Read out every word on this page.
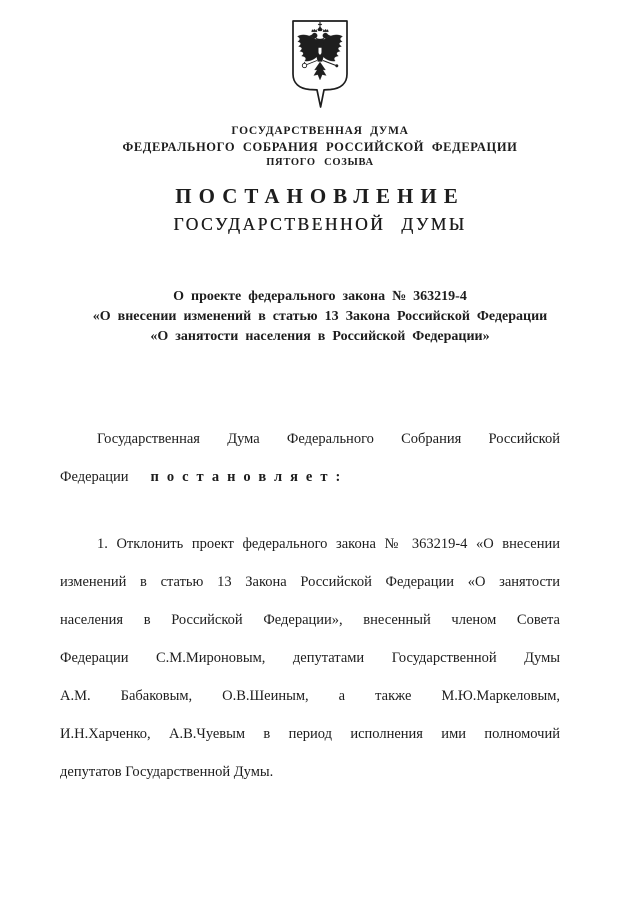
ГОСУДАРСТВЕННАЯ ДУМА
ФЕДЕРАЛЬНОГО СОБРАНИЯ РОССИЙСКОЙ ФЕДЕРАЦИИ
ПЯТОГО СОЗЫВА
ПОСТАНОВЛЕНИЕ
ГОСУДАРСТВЕННОЙ ДУМЫ
О проекте федерального закона № 363219-4
«О внесении изменений в статью 13 Закона Российской Федерации
«О занятости населения в Российской Федерации»
Государственная Дума Федерального Собрания Российской
Федерации постановляет:
1. Отклонить проект федерального закона № 363219-4 «О внесении
изменений в статью 13 Закона Российской Федерации «О занятости
населения в Российской Федерации», внесенный членом Совета
Федерации С.М.Мироновым, депутатами Государственной Думы
А.М. Бабаковым, О.В.Шеиным, а также М.Ю.Маркеловым,
И.Н.Харченко, А.В.Чуевым в период исполнения ими полномочий
депутатов Государственной Думы.
